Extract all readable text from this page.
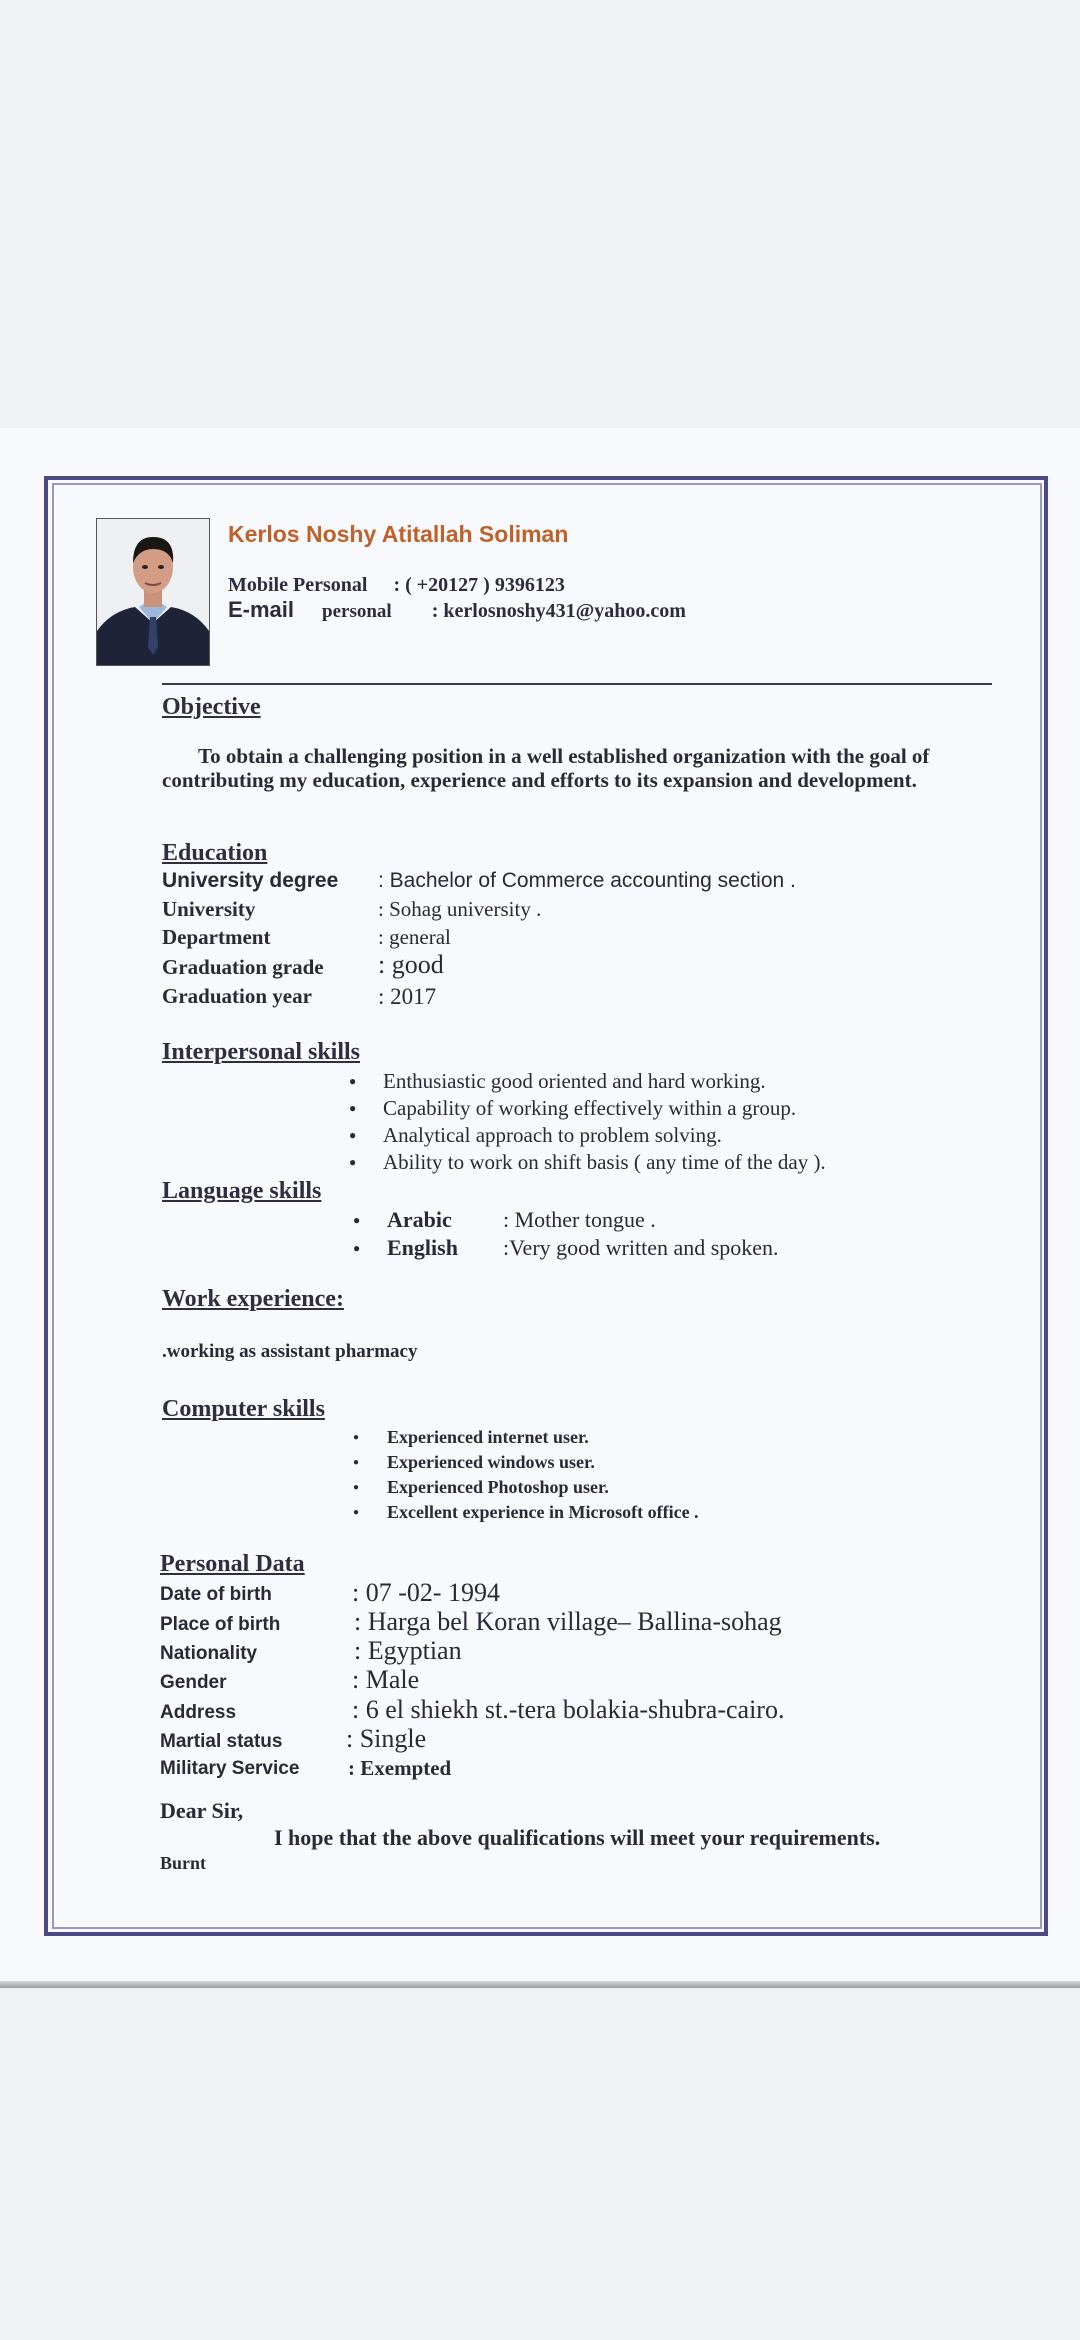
Kerlos Noshy Atitallah Soliman
Mobile Personal : ( +20127 ) 9396123
E-mail personal : kerlosnoshy431@yahoo.com
Objective
To obtain a challenging position in a well established organization with the goal of contributing my education, experience and efforts to its expansion and development.
Education
University degree : Bachelor of Commerce accounting section .
University	: Sohag university .
Department	: general
Graduation grade : good
Graduation year	: 2017
Interpersonal skills
● Enthusiastic good oriented and hard working.
● Capability of working effectively within a group.
● Analytical approach to problem solving.
● Ability to work on shift basis ( any time of the day ).
Language skills
● Arabic : Mother tongue .
● English :Very good written and spoken.
Work experience:
.working as assistant pharmacy
Computer skills
● Experienced internet user.
● Experienced windows user.
● Experienced Photoshop user.
● Excellent experience in Microsoft office .
Personal Data
Date of birth	: 07 -02- 1994
Place of birth	: Harga bel Koran village– Ballina-sohag
Nationality	: Egyptian
Gender	: Male
Address	: 6 el shiekh st.-tera bolakia-shubra-cairo.
Martial status : Single
Military Service : Exempted
Dear Sir,
I hope that the above qualifications will meet your requirements.
Burnt
